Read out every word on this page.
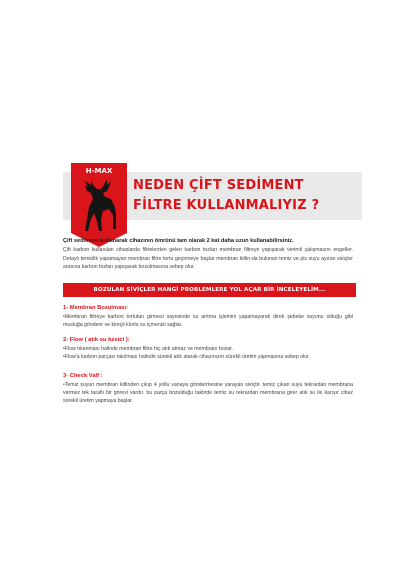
H-MAX
NEDEN ÇİFT SEDİMENT
FİLTRE KULLANMALIYIZ ?
Çift sediment kullanarak cihazının ömrünü tam olarak 2 kat daha uzun kullanabilirsiniz.

Çift karbon kullanılan cihazlarda filtrelerden gelen karbon tozları membran filtreye yapışarak verimli çalışmasını engeller. Detaylı temizlik yapamayan membran filtre tortu geçirmeye başlar membran kitlin-da bulunan temiz ve pis suyu ayıran siviçler arasına karbon tozları yapışarak bozulmasına sebep olur.

BOZULAN SİVİÇLER HANGİ PROBLEMLERE YOL AÇAR BİR İNCELEYELİM...
1- Membran Bozulması:

•Membran filtreye karbon tortuları girmesi sayesinde su arıtma işlemini yapamayarak direk şebeke suyunu olduğu gibi musluğa gönderir ve kireçli klorlu su içmenizi sağlar.

2- Flow ( atık su kesici ):

•Flow tıkanması halinde membran filtre hiç atık atmaz ve membranı bozar.

•Flow'a karbon parçası takılması halinde sürekli atık atarak cihazınızın sürekli üretim yapmasına sebep olur.

3- Check Valf :

•Temiz suyun membran kitlinden çıkıp 4 yollu vanaya göndermesine yarayan siviçtir. temiz çıkan suyu tekrardan membrana vermez tek taraflı bir görevi vardır. bu parça bozulduğu taktirde temiz su tekrardan membrana girer atık su ile karışır cihaz sürekli üretim yapmaya başlar.
